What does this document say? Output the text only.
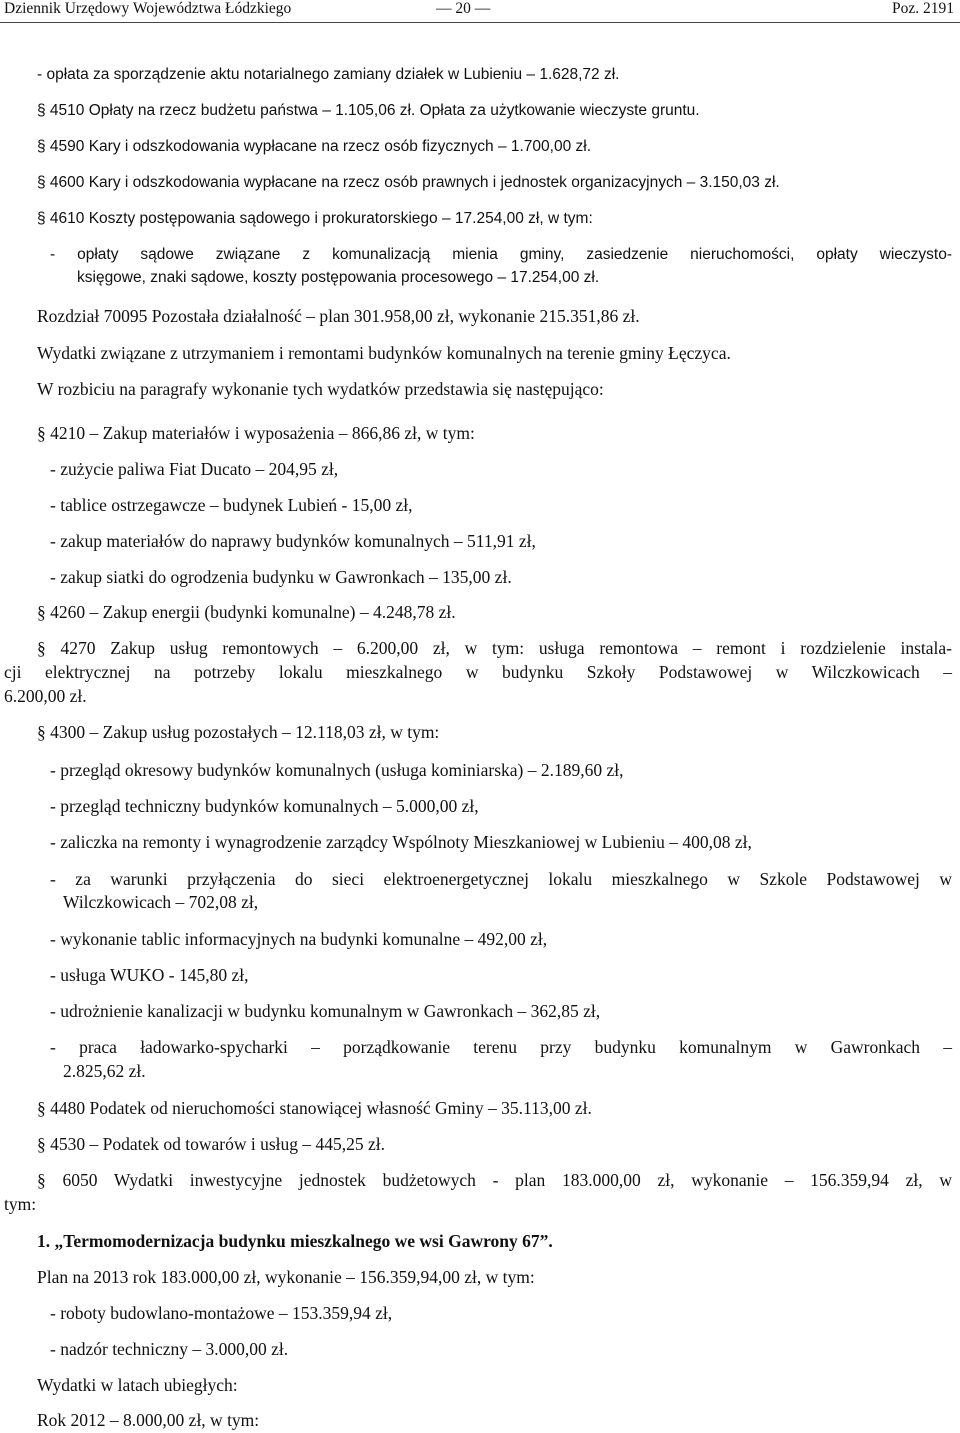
Dziennik Urzędowy Województwa Łódzkiego	— 20 —	Poz. 2191
- opłata za sporządzenie aktu notarialnego zamiany działek w Lubieniu – 1.628,72 zł.
§ 4510 Opłaty na rzecz budżetu państwa – 1.105,06 zł. Opłata za użytkowanie wieczyste gruntu.
§ 4590 Kary i odszkodowania wypłacane na rzecz osób fizycznych – 1.700,00 zł.
§ 4600 Kary i odszkodowania wypłacane na rzecz osób prawnych i jednostek organizacyjnych – 3.150,03 zł.
§ 4610 Koszty postępowania sądowego i prokuratorskiego – 17.254,00 zł, w tym:
- opłaty sądowe związane z komunalizacją mienia gminy, zasiedzenie nieruchomości, opłaty wieczysto-
księgowe, znaki sądowe, koszty postępowania procesowego – 17.254,00 zł.
Rozdział 70095 Pozostała działalność – plan 301.958,00 zł, wykonanie 215.351,86 zł.
Wydatki związane z utrzymaniem i remontami budynków komunalnych na terenie gminy Łęczyca.
W rozbiciu na paragrafy wykonanie tych wydatków przedstawia się następująco:
§ 4210 – Zakup materiałów i wyposażenia – 866,86 zł, w tym:
- zużycie paliwa Fiat Ducato – 204,95 zł,
- tablice ostrzegawcze – budynek Lubień - 15,00 zł,
- zakup materiałów do naprawy budynków komunalnych – 511,91 zł,
- zakup siatki do ogrodzenia budynku w Gawronkach – 135,00 zł.
§ 4260 – Zakup energii (budynki komunalne) – 4.248,78 zł.
§ 4270 Zakup usług remontowych – 6.200,00 zł, w tym: usługa remontowa – remont i rozdzielenie instala-
cji elektrycznej na potrzeby lokalu mieszkalnego w budynku Szkoły Podstawowej w Wilczkowicach –
6.200,00 zł.
§ 4300 – Zakup usług pozostałych – 12.118,03 zł, w tym:
- przegląd okresowy budynków komunalnych (usługa kominiarska) – 2.189,60 zł,
- przegląd techniczny budynków komunalnych – 5.000,00 zł,
- zaliczka na remonty i wynagrodzenie zarządcy Wspólnoty Mieszkaniowej w Lubieniu – 400,08 zł,
- za warunki przyłączenia do sieci elektroenergetycznej lokalu mieszkalnego w Szkole Podstawowej w
Wilczkowicach – 702,08 zł,
- wykonanie tablic informacyjnych na budynki komunalne – 492,00 zł,
- usługa WUKO - 145,80 zł,
- udrożnienie kanalizacji w budynku komunalnym w Gawronkach – 362,85 zł,
- praca ładowarko-spycharki – porządkowanie terenu przy budynku komunalnym w Gawronkach –
2.825,62 zł.
§ 4480 Podatek od nieruchomości stanowiącej własność Gminy – 35.113,00 zł.
§ 4530 – Podatek od towarów i usług – 445,25 zł.
§ 6050 Wydatki inwestycyjne jednostek budżetowych - plan 183.000,00 zł, wykonanie – 156.359,94 zł, w
tym:
1. „Termomodernizacja budynku mieszkalnego we wsi Gawrony 67”.
Plan na 2013 rok 183.000,00 zł, wykonanie – 156.359,94,00 zł, w tym:
- roboty budowlano-montażowe – 153.359,94 zł,
- nadzór techniczny – 3.000,00 zł.
Wydatki w latach ubiegłych:
Rok 2012 – 8.000,00 zł, w tym:
